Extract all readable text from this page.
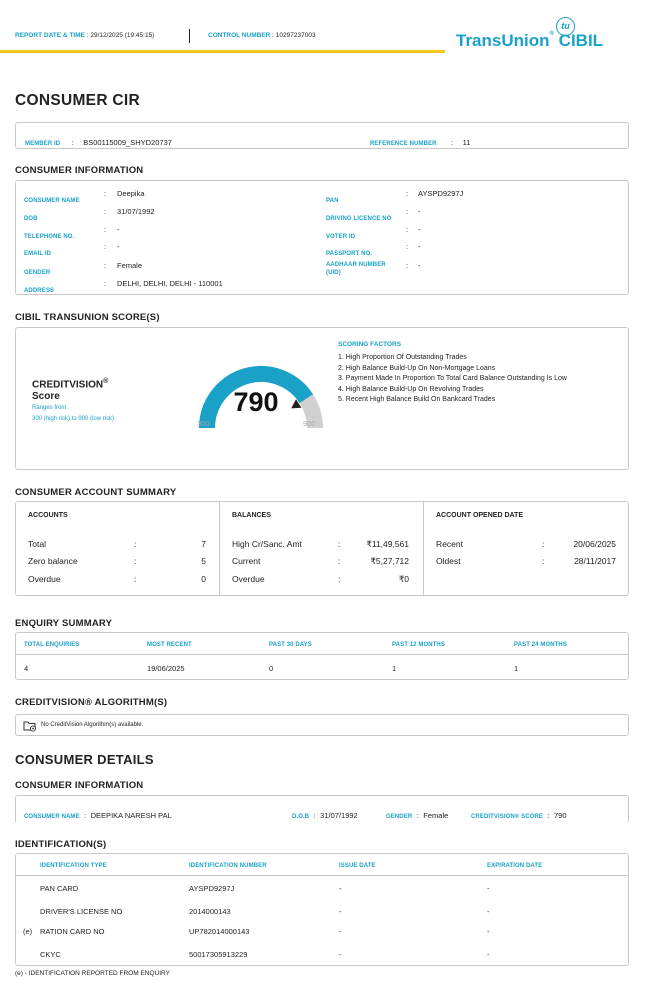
REPORT DATE & TIME : 29/12/2025 (19:45:15)	CONTROL NUMBER : 10297237003
tu
TransUnion® CIBIL
CONSUMER CIR
MEMBER ID : BS00115009_SHYD20737	REFERENCE NUMBER : 11
CONSUMER INFORMATION
CONSUMER NAME
: Deepika
DOB
: 31/07/1992
TELEPHONE NO.
: -
EMAIL ID
: -
GENDER
: Female
ADDRESS
: DELHI, DELHI, DELHI - 110001
PAN
: AYSPD9297J
DRIVING LICENCE NO
: -
VOTER ID
: -
PASSPORT NO.
: -
AADHAAR NUMBER
(UID)
: -
CIBIL TRANSUNION SCORE(S)
CREDITVISION®
Score
Ranges from:
300 (high risk) to 900 (low risk)
790
300	900
SCORING FACTORS
1. High Proportion Of Outstanding Trades
2. High Balance Build-Up On Non-Mortgage Loans
3. Payment Made In Proportion To Total Card Balance Outstanding Is Low
4. High Balance Build-Up On Revolving Trades
5. Recent High Balance Build On Bankcard Trades
CONSUMER ACCOUNT SUMMARY
ACCOUNTS
Total	:	7
Zero balance	:	5
Overdue	:	0
BALANCES
High Cr/Sanc. Amt	:	₹11,49,561
Current	:	₹5,27,712
Overdue	:	₹0
ACCOUNT OPENED DATE
Recent	:	20/06/2025
Oldest	:	28/11/2017
ENQUIRY SUMMARY
TOTAL ENQUIRIES	MOST RECENT	PAST 30 DAYS	PAST 12 MONTHS	PAST 24 MONTHS
4	19/06/2025	0	1	1
CREDITVISION® ALGORITHM(S)
No CreditVision Algorithm(s) available.
CONSUMER DETAILS
CONSUMER INFORMATION
CONSUMER NAME : DEEPIKA NARESH PAL	D.O.B : 31/07/1992	GENDER : Female	CREDITVISION® SCORE : 790
IDENTIFICATION(S)
IDENTIFICATION TYPE	IDENTIFICATION NUMBER	ISSUE DATE	EXPIRATION DATE
PAN CARD	AYSPD9297J	-	-
DRIVER'S LICENSE NO	2014000143	-	-
(e) RATION CARD NO	UP782014000143	-	-
CKYC	50017305913229	-	-
(e) - IDENTIFICATION REPORTED FROM ENQUIRY
